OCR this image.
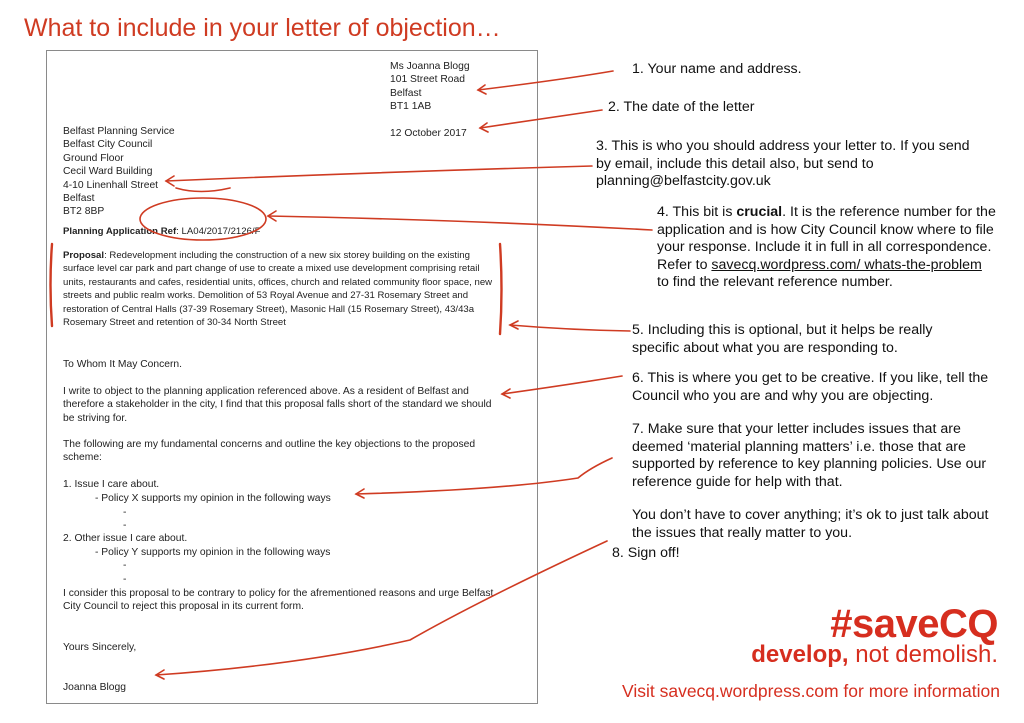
What to include in your letter of objection…
Ms Joanna Blogg
101 Street Road
Belfast
BT1 1AB
12 October 2017
Belfast Planning Service
Belfast City Council
Ground Floor
Cecil Ward Building
4-10 Linenhall Street
Belfast
BT2 8BP
Planning Application Ref: LA04/2017/2126/F
Proposal: Redevelopment including the construction of a new six storey building on the existing surface level car park and part change of use to create a mixed use development comprising retail units, restaurants and cafes, residential units, offices, church and related community floor space, new streets and public realm works. Demolition of 53 Royal Avenue and 27-31 Rosemary Street and restoration of Central Halls (37-39 Rosemary Street), Masonic Hall (15 Rosemary Street), 43/43a Rosemary Street and retention of 30-34 North Street
To Whom It May Concern.
I write to object to the planning application referenced above. As a resident of Belfast and therefore a stakeholder in the city, I find that this proposal falls short of the standard we should be striving for.
The following are my fundamental concerns and outline the key objections to the proposed scheme:
1. Issue I care about.
- Policy X supports my opinion in the following ways
-
-
2. Other issue I care about.
- Policy Y supports my opinion in the following ways
-
-
I consider this proposal to be contrary to policy for the afrementioned reasons and urge Belfast City Council to reject this proposal in its current form.
Yours Sincerely,
Joanna Blogg
1. Your name and address.
2. The date of the letter
3. This is who you should address your letter to. If you send by email, include this detail also, but send to planning@belfastcity.gov.uk
4. This bit is crucial. It is the reference number for the application and is how City Council know where to file your response. Include it in full in all correspondence. Refer to savecq.wordpress.com/ whats-the-problem to find the relevant reference number.
5. Including this is optional, but it helps be really specific about what you are responding to.
6. This is where you get to be creative. If you like, tell the Council who you are and why you are objecting.
7. Make sure that your letter includes issues that are deemed ‘material planning matters’ i.e. those that are supported by reference to key planning policies. Use our reference guide for help with that.
You don’t have to cover anything; it’s ok to just talk about the issues that really matter to you.
8. Sign off!
#saveCQ
develop, not demolish.
Visit savecq.wordpress.com for more information
